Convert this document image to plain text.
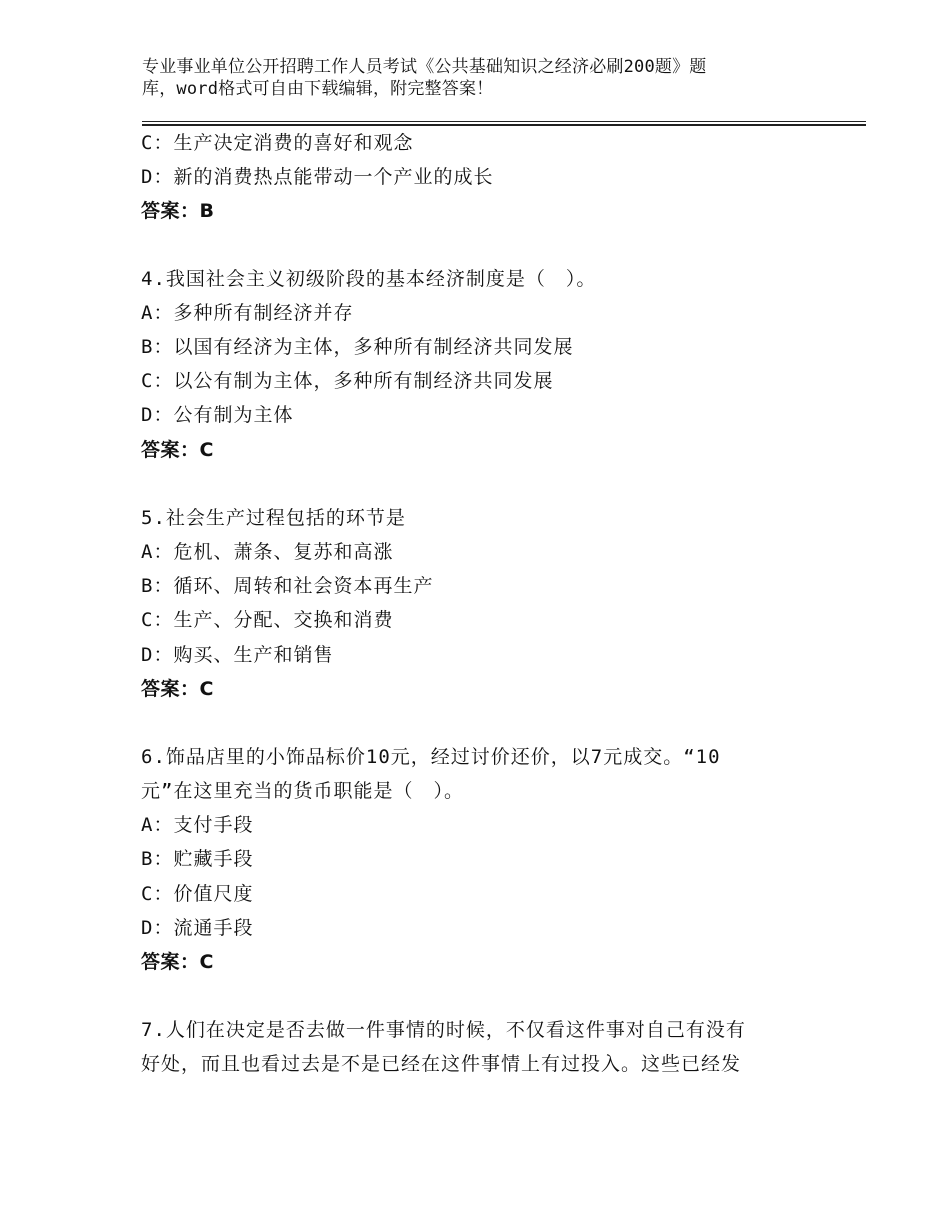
专业事业单位公开招聘工作人员考试《公共基础知识之经济必刷200题》题
库，word格式可自由下载编辑，附完整答案！
C：生产决定消费的喜好和观念
D：新的消费热点能带动一个产业的成长
答案：B
4.我国社会主义初级阶段的基本经济制度是（　）。
A：多种所有制经济并存
B：以国有经济为主体，多种所有制经济共同发展
C：以公有制为主体，多种所有制经济共同发展
D：公有制为主体
答案：C
5.社会生产过程包括的环节是
A：危机、萧条、复苏和高涨
B：循环、周转和社会资本再生产
C：生产、分配、交换和消费
D：购买、生产和销售
答案：C
6.饰品店里的小饰品标价10元，经过讨价还价，以7元成交。“10
元”在这里充当的货币职能是（　）。
A：支付手段
B：贮藏手段
C：价值尺度
D：流通手段
答案：C
7.人们在决定是否去做一件事情的时候，不仅看这件事对自己有没有
好处，而且也看过去是不是已经在这件事情上有过投入。这些已经发
